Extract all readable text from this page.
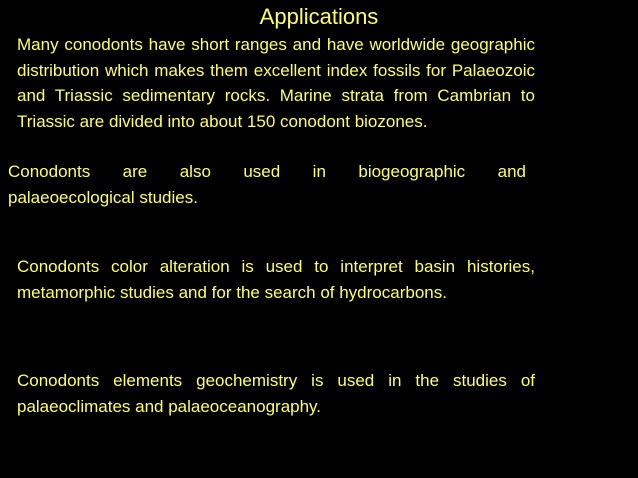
Applications

Many conodonts have short ranges and have worldwide geographic distribution which makes them excellent index fossils for Palaeozoic and Triassic sedimentary rocks. Marine strata from Cambrian to Triassic are divided into about 150 conodont biozones.

Conodonts are also used in biogeographic and
palaeoecological studies.

Conodonts color alteration is used to interpret basin histories, metamorphic studies and for the search of hydrocarbons.

Conodonts elements geochemistry is used in the studies of palaeoclimates and palaeoceanography.
